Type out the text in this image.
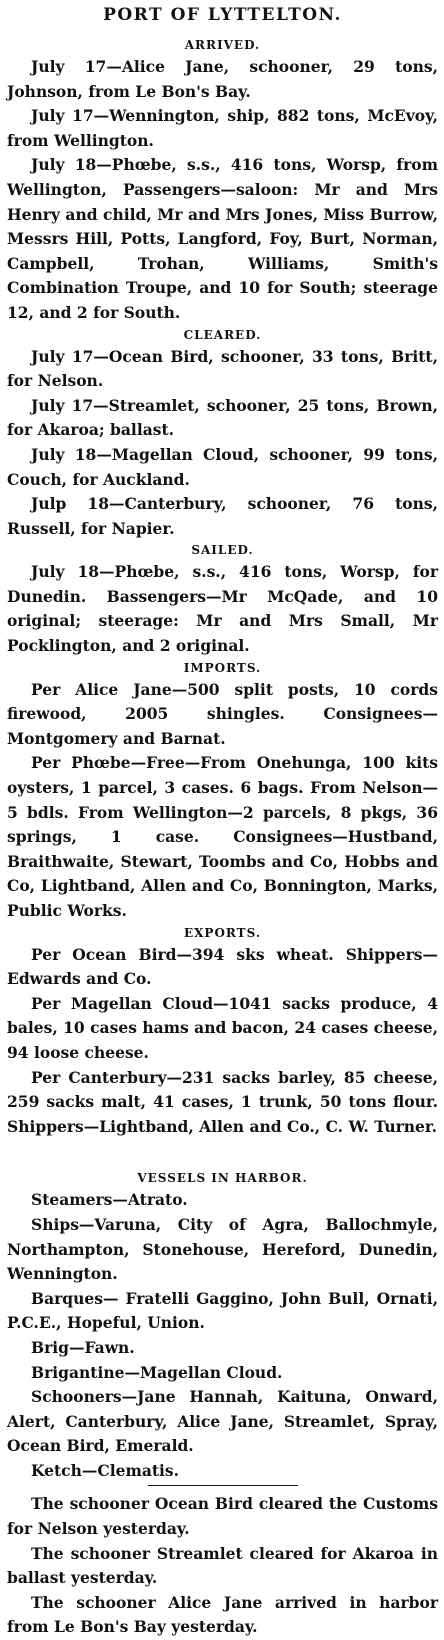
PORT OF LYTTELTON.
ARRIVED.

July 17—Alice Jane, schooner, 29 tons, Johnson, from Le Bon's Bay.

July 17—Wennington, ship, 882 tons, McEvoy, from Wellington.

July 18—Phœbe, s.s., 416 tons, Worsp, from Wellington, Passengers—saloon: Mr and Mrs Henry and child, Mr and Mrs Jones, Miss Burrow, Messrs Hill, Potts, Langford, Foy, Burt, Norman, Campbell, Trohan, Williams, Smith's Combination Troupe, and 10 for South; steerage 12, and 2 for South.

CLEARED.

July 17—Ocean Bird, schooner, 33 tons, Britt, for Nelson.

July 17—Streamlet, schooner, 25 tons, Brown, for Akaroa; ballast.

July 18—Magellan Cloud, schooner, 99 tons, Couch, for Auckland.

Julp 18—Canterbury, schooner, 76 tons, Russell, for Napier.

SAILED.

July 18—Phœbe, s.s., 416 tons, Worsp, for Dunedin. Bassengers—Mr McQade, and 10 original; steerage: Mr and Mrs Small, Mr Pocklington, and 2 original.

IMPORTS.

Per Alice Jane—500 split posts, 10 cords firewood, 2005 shingles. Consignees—Montgomery and Barnat.

Per Phœbe—Free—From Onehunga, 100 kits oysters, 1 parcel, 3 cases. 6 bags. From Nelson—5 bdls. From Wellington—2 parcels, 8 pkgs, 36 springs, 1 case. Consignees—Hustband, Braithwaite, Stewart, Toombs and Co, Hobbs and Co, Lightband, Allen and Co, Bonnington, Marks, Public Works.

EXPORTS.

Per Ocean Bird—394 sks wheat. Shippers—Edwards and Co.

Per Magellan Cloud—1041 sacks produce, 4 bales, 10 cases hams and bacon, 24 cases cheese, 94 loose cheese.

Per Canterbury—231 sacks barley, 85 cheese, 259 sacks malt, 41 cases, 1 trunk, 50 tons flour. Shippers—Lightband, Allen and Co., C. W. Turner.

VESSELS IN HARBOR.

Steamers—Atrato.

Ships—Varuna, City of Agra, Ballochmyle, Northampton, Stonehouse, Hereford, Dunedin, Wennington.

Barques— Fratelli Gaggino, John Bull, Ornati, P.C.E., Hopeful, Union.

Brig—Fawn.

Brigantine—Magellan Cloud.

Schooners—Jane Hannah, Kaituna, Onward, Alert, Canterbury, Alice Jane, Streamlet, Spray, Ocean Bird, Emerald.

Ketch—Clematis.

The schooner Ocean Bird cleared the Customs for Nelson yesterday.

The schooner Streamlet cleared for Akaroa in ballast yesterday.

The schooner Alice Jane arrived in harbor from Le Bon's Bay yesterday.
